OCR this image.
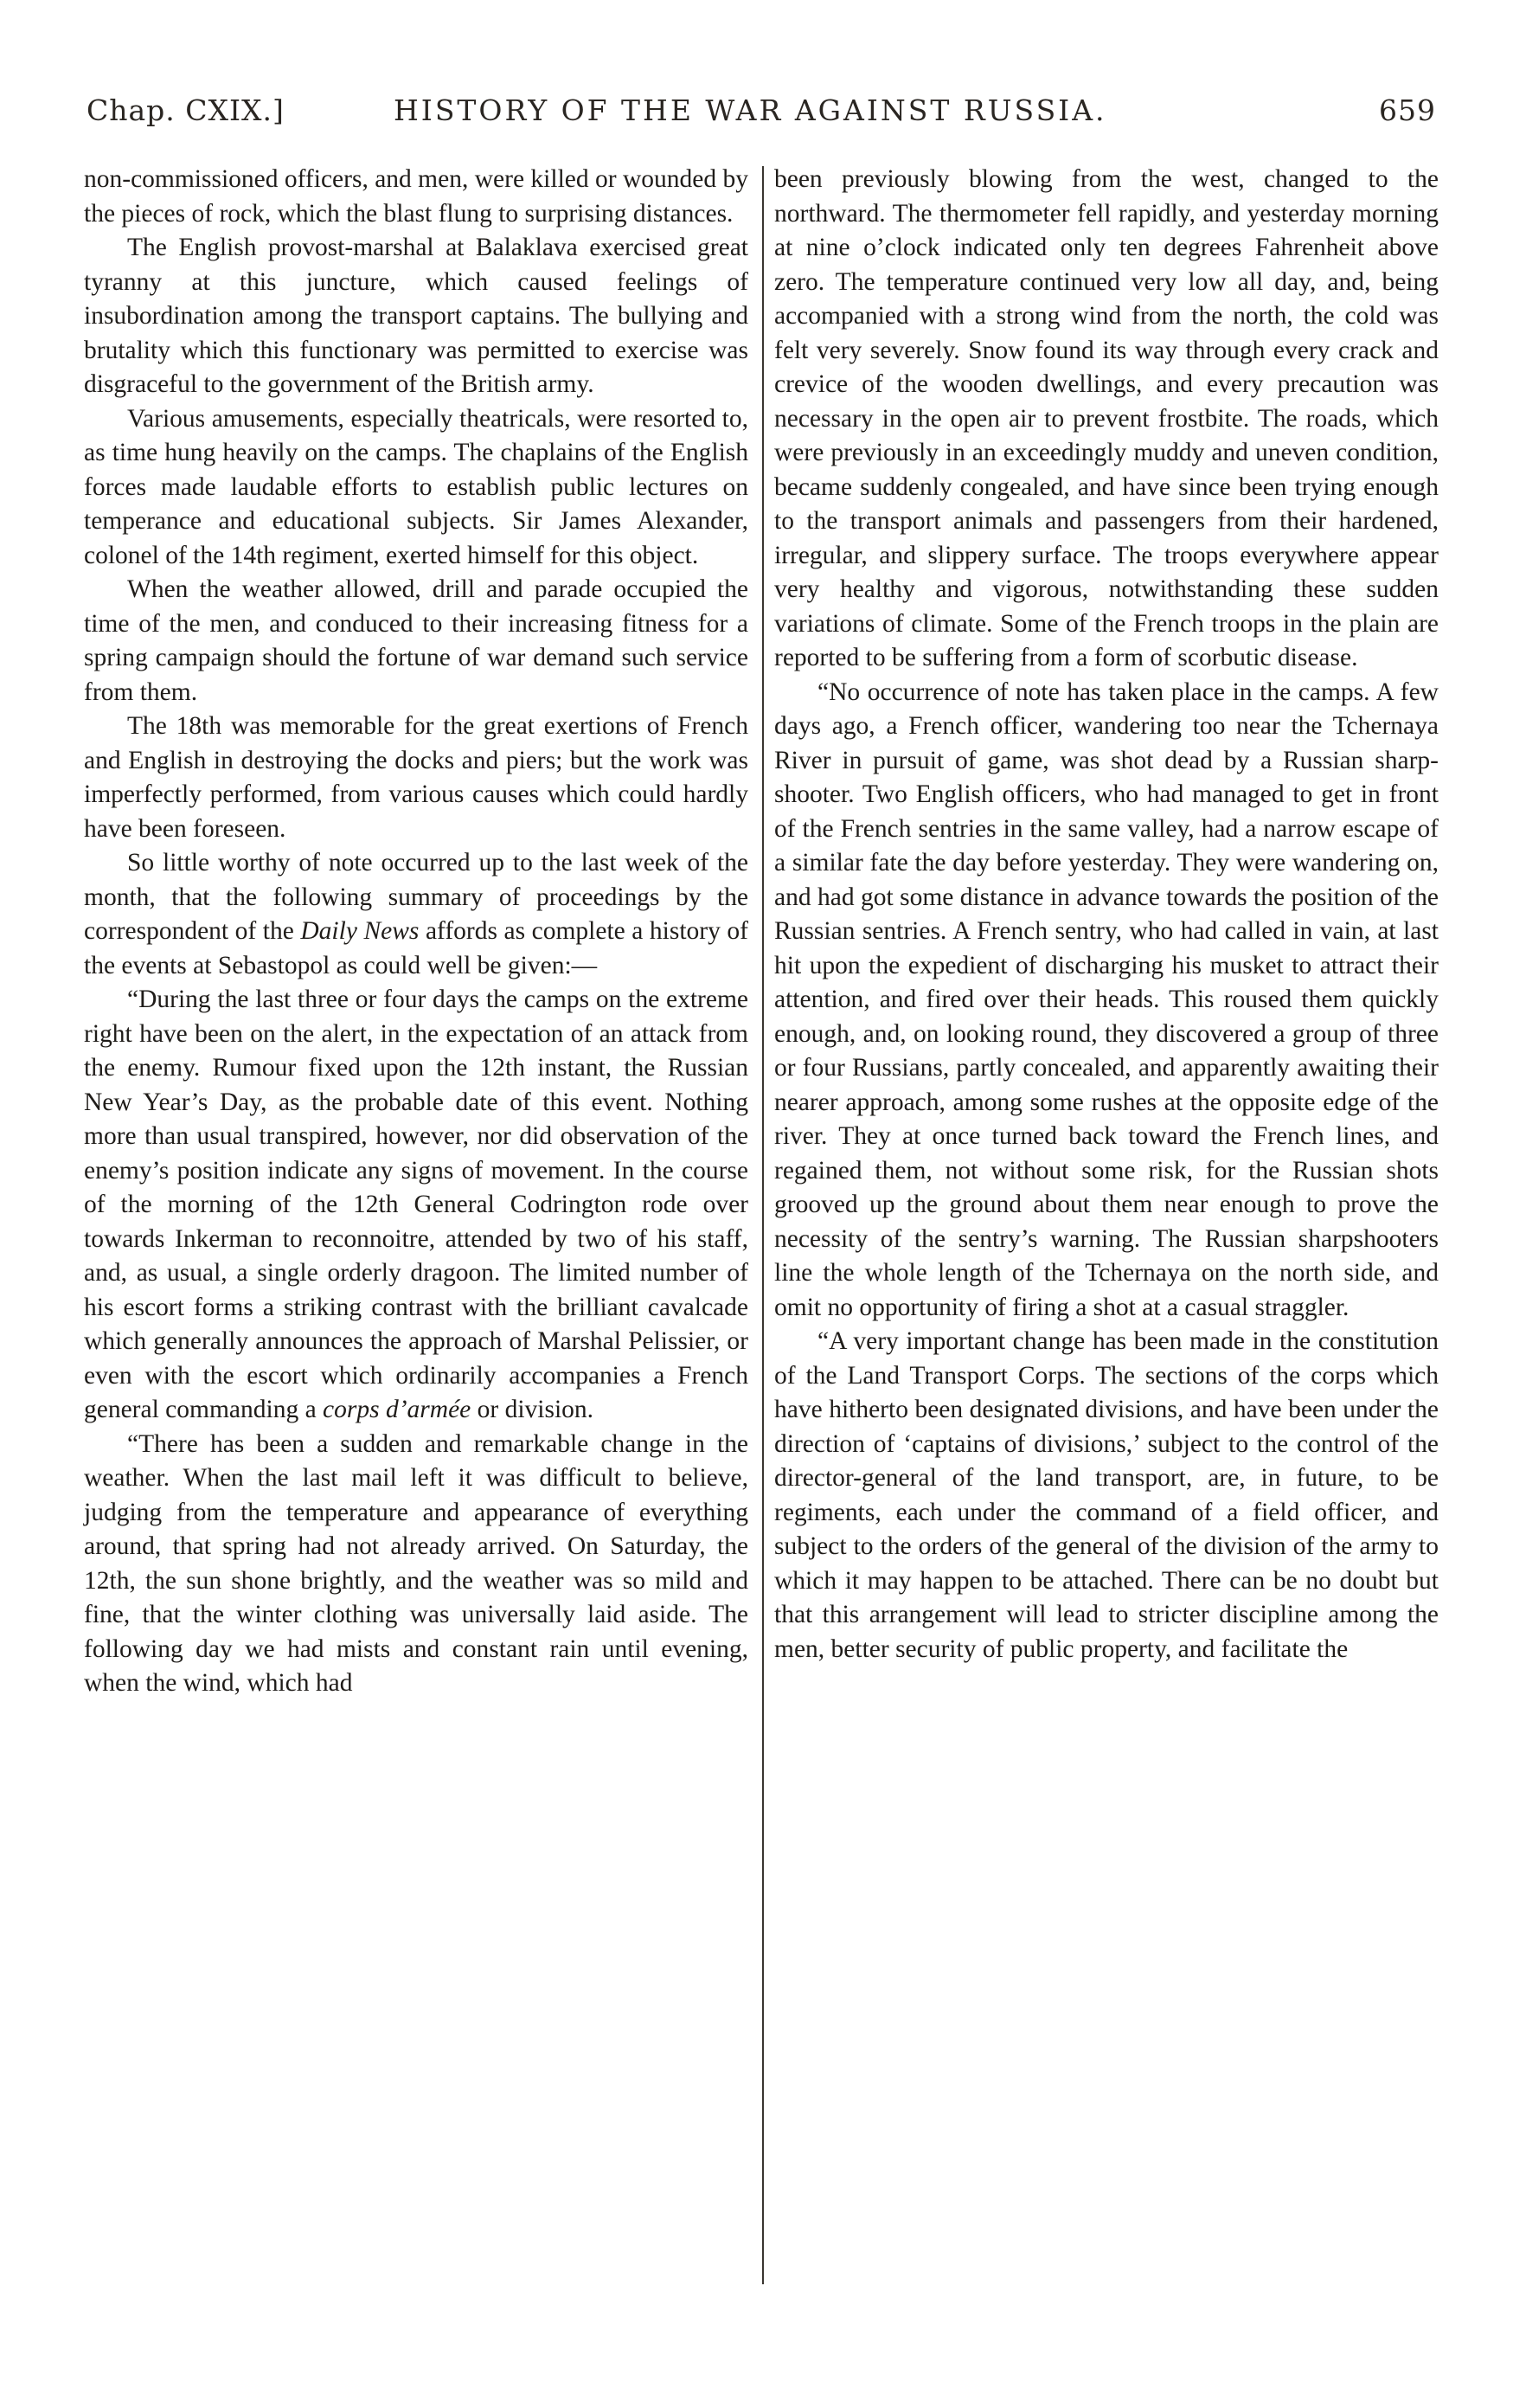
Chap. CXIX.]	HISTORY OF THE WAR AGAINST RUSSIA.	659

non-commissioned officers, and men, were killed or wounded by the pieces of rock, which the blast flung to surprising distances.

The English provost-marshal at Balaklava exercised great tyranny at this juncture, which caused feelings of insubordination among the transport captains. The bullying and brutality which this functionary was permitted to exercise was disgraceful to the government of the British army.

Various amusements, especially theatricals, were resorted to, as time hung heavily on the camps. The chaplains of the English forces made laudable efforts to establish public lectures on temperance and educational subjects. Sir James Alexander, colonel of the 14th regiment, exerted himself for this object.

When the weather allowed, drill and parade occupied the time of the men, and conduced to their increasing fitness for a spring campaign should the fortune of war demand such service from them.

The 18th was memorable for the great exertions of French and English in destroying the docks and piers; but the work was imperfectly performed, from various causes which could hardly have been foreseen.

So little worthy of note occurred up to the last week of the month, that the following summary of proceedings by the correspondent of the Daily News affords as complete a history of the events at Sebastopol as could well be given:—

“During the last three or four days the camps on the extreme right have been on the alert, in the expectation of an attack from the enemy. Rumour fixed upon the 12th instant, the Russian New Year’s Day, as the probable date of this event. Nothing more than usual transpired, however, nor did observation of the enemy’s position indicate any signs of movement. In the course of the morning of the 12th General Codrington rode over towards Inkerman to reconnoitre, attended by two of his staff, and, as usual, a single orderly dragoon. The limited number of his escort forms a striking contrast with the brilliant cavalcade which generally announces the approach of Marshal Pelissier, or even with the escort which ordinarily accompanies a French general commanding a corps d’armée or division.

“There has been a sudden and remarkable change in the weather. When the last mail left it was difficult to believe, judging from the temperature and appearance of everything around, that spring had not already arrived. On Saturday, the 12th, the sun shone brightly, and the weather was so mild and fine, that the winter clothing was universally laid aside. The following day we had mists and constant rain until evening, when the wind, which had

been previously blowing from the west, changed to the northward. The thermometer fell rapidly, and yesterday morning at nine o’clock indicated only ten degrees Fahrenheit above zero. The temperature continued very low all day, and, being accompanied with a strong wind from the north, the cold was felt very severely. Snow found its way through every crack and crevice of the wooden dwellings, and every precaution was necessary in the open air to prevent frostbite. The roads, which were previously in an exceedingly muddy and uneven condition, became suddenly congealed, and have since been trying enough to the transport animals and passengers from their hardened, irregular, and slippery surface. The troops everywhere appear very healthy and vigorous, notwithstanding these sudden variations of climate. Some of the French troops in the plain are reported to be suffering from a form of scorbutic disease.

“No occurrence of note has taken place in the camps. A few days ago, a French officer, wandering too near the Tchernaya River in pursuit of game, was shot dead by a Russian sharp-shooter. Two English officers, who had managed to get in front of the French sentries in the same valley, had a narrow escape of a similar fate the day before yesterday. They were wandering on, and had got some distance in advance towards the position of the Russian sentries. A French sentry, who had called in vain, at last hit upon the expedient of discharging his musket to attract their attention, and fired over their heads. This roused them quickly enough, and, on looking round, they discovered a group of three or four Russians, partly concealed, and apparently awaiting their nearer approach, among some rushes at the opposite edge of the river. They at once turned back toward the French lines, and regained them, not without some risk, for the Russian shots grooved up the ground about them near enough to prove the necessity of the sentry’s warning. The Russian sharpshooters line the whole length of the Tchernaya on the north side, and omit no opportunity of firing a shot at a casual straggler.

“A very important change has been made in the constitution of the Land Transport Corps. The sections of the corps which have hitherto been designated divisions, and have been under the direction of ‘captains of divisions,’ subject to the control of the director-general of the land transport, are, in future, to be regiments, each under the command of a field officer, and subject to the orders of the general of the division of the army to which it may happen to be attached. There can be no doubt but that this arrangement will lead to stricter discipline among the men, better security of public property, and facilitate the
